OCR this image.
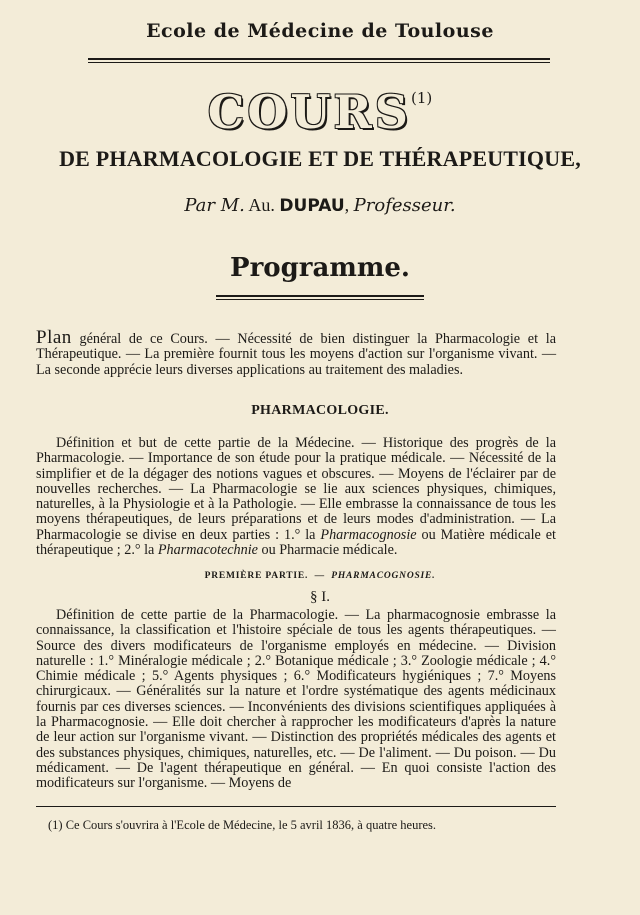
Ecole de Médecine de Toulouse
COURS$^{(1)}$
DE PHARMACOLOGIE ET DE THÉRAPEUTIQUE,
Par M. Au. DUPAU, Professeur.
Programme.
Plan général de ce Cours. — Nécessité de bien distinguer la Pharmacologie et la Thérapeutique. — La première fournit tous les moyens d'action sur l'organisme vivant. — La seconde apprécie leurs diverses applications au traitement des maladies.
PHARMACOLOGIE.
Définition et but de cette partie de la Médecine. — Historique des progrès de la Pharmacologie. — Importance de son étude pour la pratique médicale. — Nécessité de la simplifier et de la dégager des notions vagues et obscures. — Moyens de l'éclairer par de nouvelles recherches. — La Pharmacologie se lie aux sciences physiques, chimiques, naturelles, à la Physiologie et à la Pathologie. — Elle embrasse la connaissance de tous les moyens thérapeutiques, de leurs préparations et de leurs modes d'administration. — La Pharmacologie se divise en deux parties : 1.° la Pharmacognosie ou Matière médicale et thérapeutique ; 2.° la Pharmacotechnie ou Pharmacie médicale.
PREMIÈRE PARTIE. — PHARMACOGNOSIE.
§ I.
Définition de cette partie de la Pharmacologie. — La pharmacognosie embrasse la connaissance, la classification et l'histoire spéciale de tous les agents thérapeutiques. — Source des divers modificateurs de l'organisme employés en médecine. — Division naturelle : 1.° Minéralogie médicale ; 2.° Botanique médicale ; 3.° Zoologie médicale ; 4.° Chimie médicale ; 5.° Agents physiques ; 6.° Modificateurs hygiéniques ; 7.° Moyens chirurgicaux. — Généralités sur la nature et l'ordre systématique des agents médicinaux fournis par ces diverses sciences. — Inconvénients des divisions scientifiques appliquées à la Pharmacognosie. — Elle doit chercher à rapprocher les modificateurs d'après la nature de leur action sur l'organisme vivant. — Distinction des propriétés médicales des agents et des substances physiques, chimiques, naturelles, etc. — De l'aliment. — Du poison. — Du médicament. — De l'agent thérapeutique en général. — En quoi consiste l'action des modificateurs sur l'organisme. — Moyens de
(1) Ce Cours s'ouvrira à l'Ecole de Médecine, le 5 avril 1836, à quatre heures.
